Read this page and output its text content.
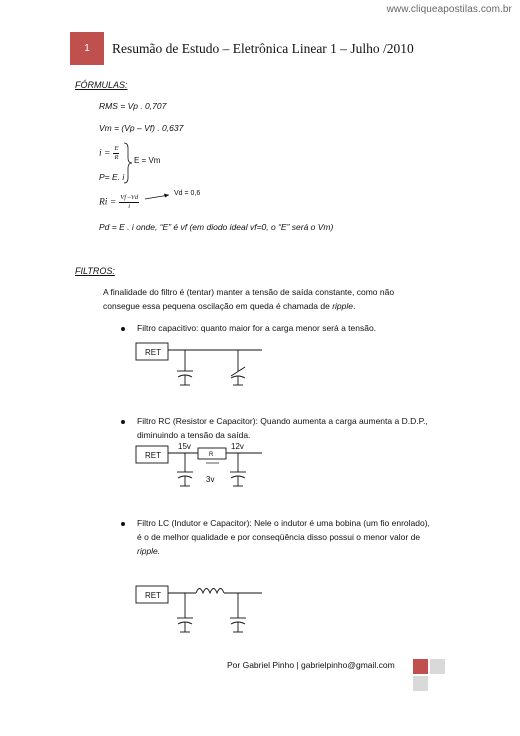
www.cliqueapostilas.com.br
1 Resumão de Estudo – Eletrônica Linear 1 – Julho /2010
FÓRMULAS:
RMS = Vp . 0,707
Vm = (Vp – Vf) . 0,637
$i = \frac{E}{R}$ E = Vm
P= E. i
$Ri = \frac{Vf -Vd}{i}$
Vd = 0,6
Pd = E . i onde, “E” é vf (em diodo ideal vf=0, o “E” será o Vm)
FILTROS:
A finalidade do filtro é (tentar) manter a tensão de saída constante, como não
consegue essa pequena oscilação em queda é chamada de ripple.
Filtro capacitivo: quanto maior for a carga menor será a tensão.
RET
Filtro RC (Resistor e Capacitor): Quando aumenta a carga aumenta a D.D.P.,
diminuindo a tensão da saída.
RET	R
15v	12v
3v
Filtro LC (Indutor e Capacitor): Nele o indutor é uma bobina (um fio enrolado),
é o de melhor qualidade e por conseqüência disso possui o menor valor de
ripple.
RET
Por Gabriel Pinho | gabrielpinho@gmail.com
